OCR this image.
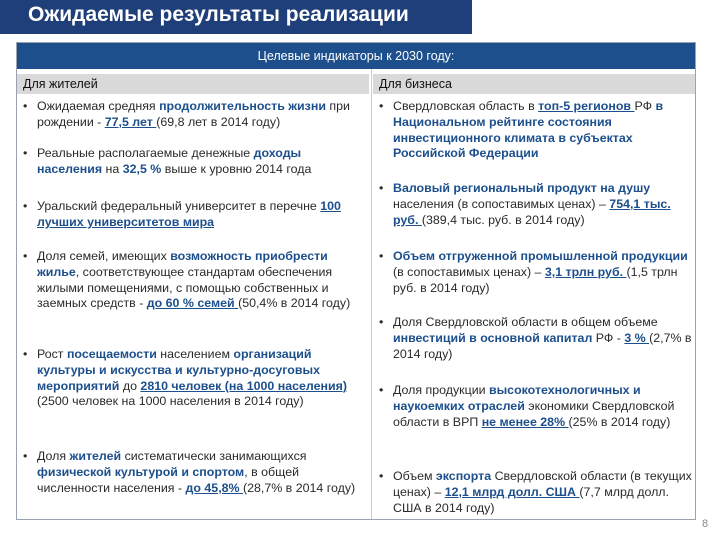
Ожидаемые результаты реализации
Целевые индикаторы к 2030 году:
Для жителей	Для бизнеса
• Ожидаемая средняя продолжительность жизни при рождении - 77,5 лет (69,8 лет в 2014 году)
• Реальные располагаемые денежные доходы населения на 32,5 % выше к уровню 2014 года
• Уральский федеральный университет в перечне 100 лучших университетов мира
• Доля семей, имеющих возможность приобрести жилье, соответствующее стандартам обеспечения жилыми помещениями, с помощью собственных и заемных средств - до 60 % семей (50,4% в 2014 году)
• Рост посещаемости населением организаций культуры и искусства и культурно-досуговых мероприятий до 2810 человек (на 1000 населения) (2500 человек на 1000 населения в 2014 году)
• Доля жителей систематически занимающихся физической культурой и спортом, в общей численности населения - до 45,8% (28,7% в 2014 году)
• Свердловская область в топ-5 регионов РФ в Национальном рейтинге состояния инвестиционного климата в субъектах Российской Федерации
• Валовый региональный продукт на душу населения (в сопоставимых ценах) – 754,1 тыс. руб. (389,4 тыс. руб. в 2014 году)
• Объем отгруженной промышленной продукции (в сопоставимых ценах) – 3,1 трлн руб. (1,5 трлн руб. в 2014 году)
• Доля Свердловской области в общем объеме инвестиций в основной капитал РФ - 3 % (2,7% в 2014 году)
• Доля продукции высокотехнологичных и наукоемких отраслей экономики Свердловской области в ВРП не менее 28% (25% в 2014 году)
• Объем экспорта Свердловской области (в текущих ценах) – 12,1 млрд долл. США (7,7 млрд долл. США в 2014 году)
8
